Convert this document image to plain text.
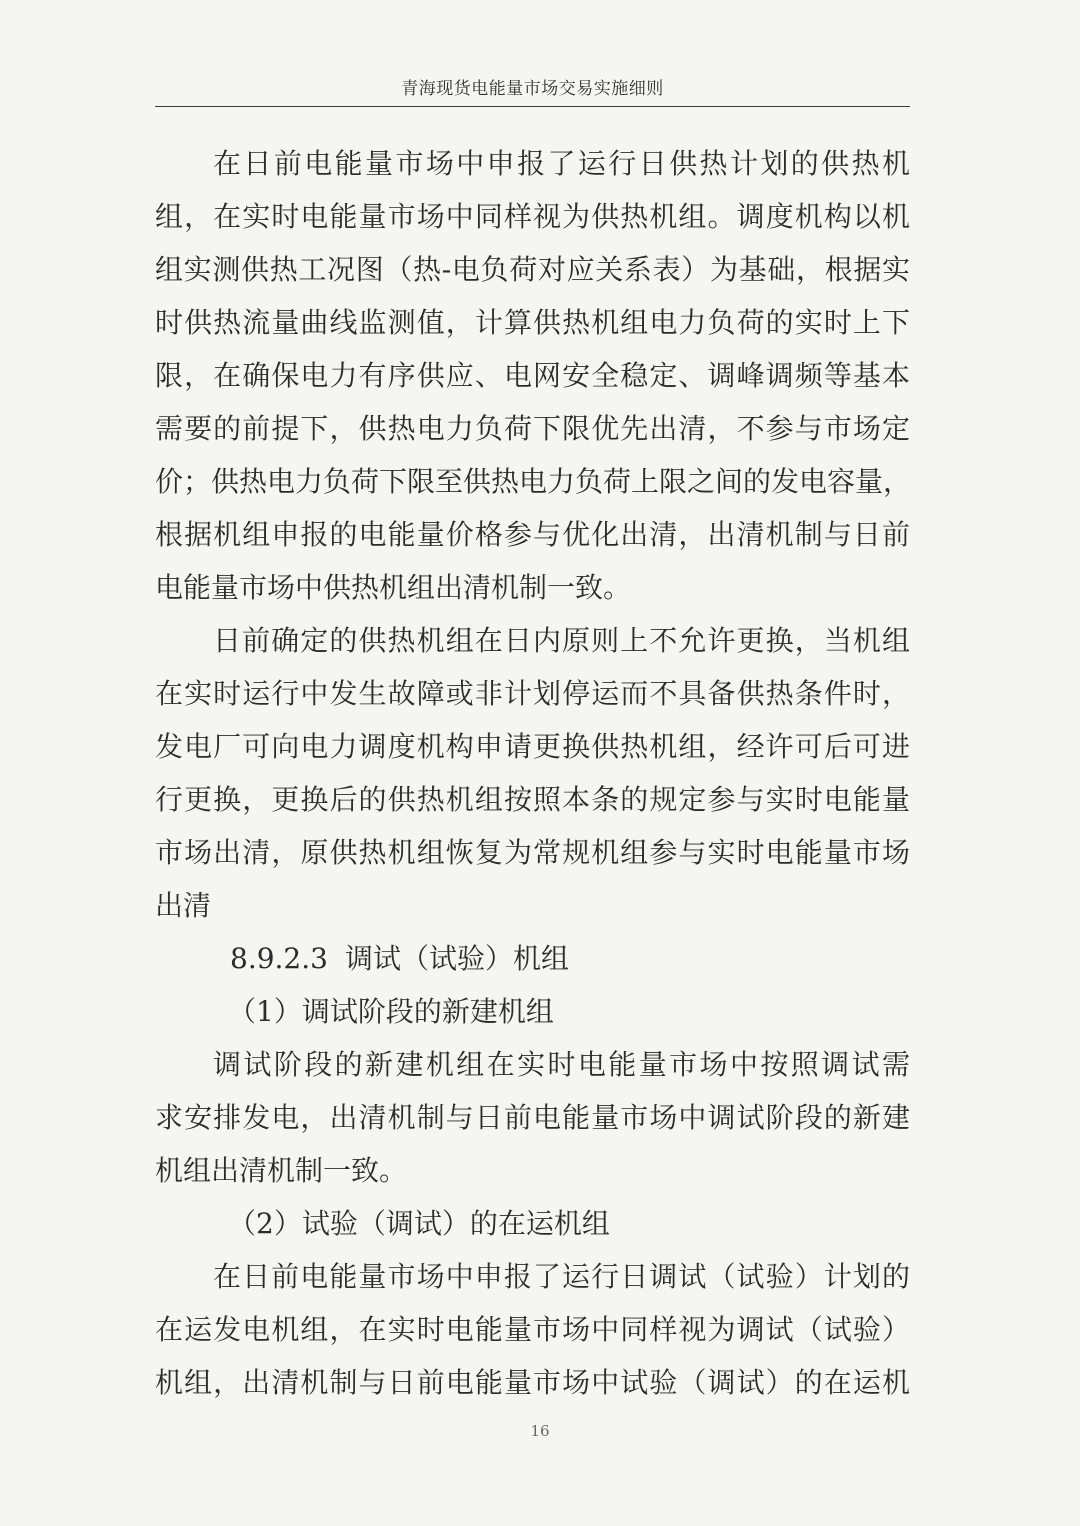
青海现货电能量市场交易实施细则
在日前电能量市场中申报了运行日供热计划的供热机
组，在实时电能量市场中同样视为供热机组。调度机构以机
组实测供热工况图（热-电负荷对应关系表）为基础，根据实
时供热流量曲线监测值，计算供热机组电力负荷的实时上下
限，在确保电力有序供应、电网安全稳定、调峰调频等基本
需要的前提下，供热电力负荷下限优先出清，不参与市场定
价；供热电力负荷下限至供热电力负荷上限之间的发电容量，
根据机组申报的电能量价格参与优化出清，出清机制与日前
电能量市场中供热机组出清机制一致。
日前确定的供热机组在日内原则上不允许更换，当机组
在实时运行中发生故障或非计划停运而不具备供热条件时，
发电厂可向电力调度机构申请更换供热机组，经许可后可进
行更换，更换后的供热机组按照本条的规定参与实时电能量
市场出清，原供热机组恢复为常规机组参与实时电能量市场
出清
8.9.2.3 调试（试验）机组
（1）调试阶段的新建机组
调试阶段的新建机组在实时电能量市场中按照调试需
求安排发电，出清机制与日前电能量市场中调试阶段的新建
机组出清机制一致。
（2）试验（调试）的在运机组
在日前电能量市场中申报了运行日调试（试验）计划的
在运发电机组，在实时电能量市场中同样视为调试（试验）
机组，出清机制与日前电能量市场中试验（调试）的在运机
16
